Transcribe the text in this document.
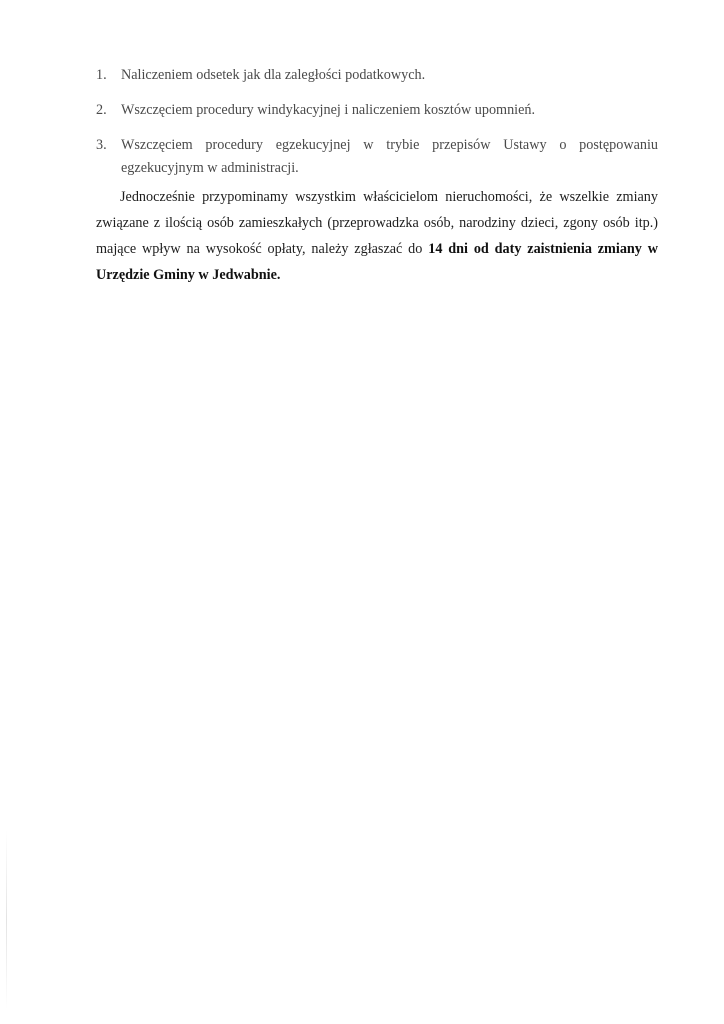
1. Naliczeniem odsetek jak dla zaległości podatkowych.
2. Wszczęciem procedury windykacyjnej i naliczeniem kosztów upomnień.
3. Wszczęciem procedury egzekucyjnej w trybie przepisów Ustawy o postępowaniu egzekucyjnym w administracji.

Jednocześnie przypominamy wszystkim właścicielom nieruchomości, że wszelkie zmiany związane z ilością osób zamieszkałych (przeprowadzka osób, narodziny dzieci, zgony osób itp.) mające wpływ na wysokość opłaty, należy zgłaszać do 14 dni od daty zaistnienia zmiany w Urzędzie Gminy w Jedwabnie.
